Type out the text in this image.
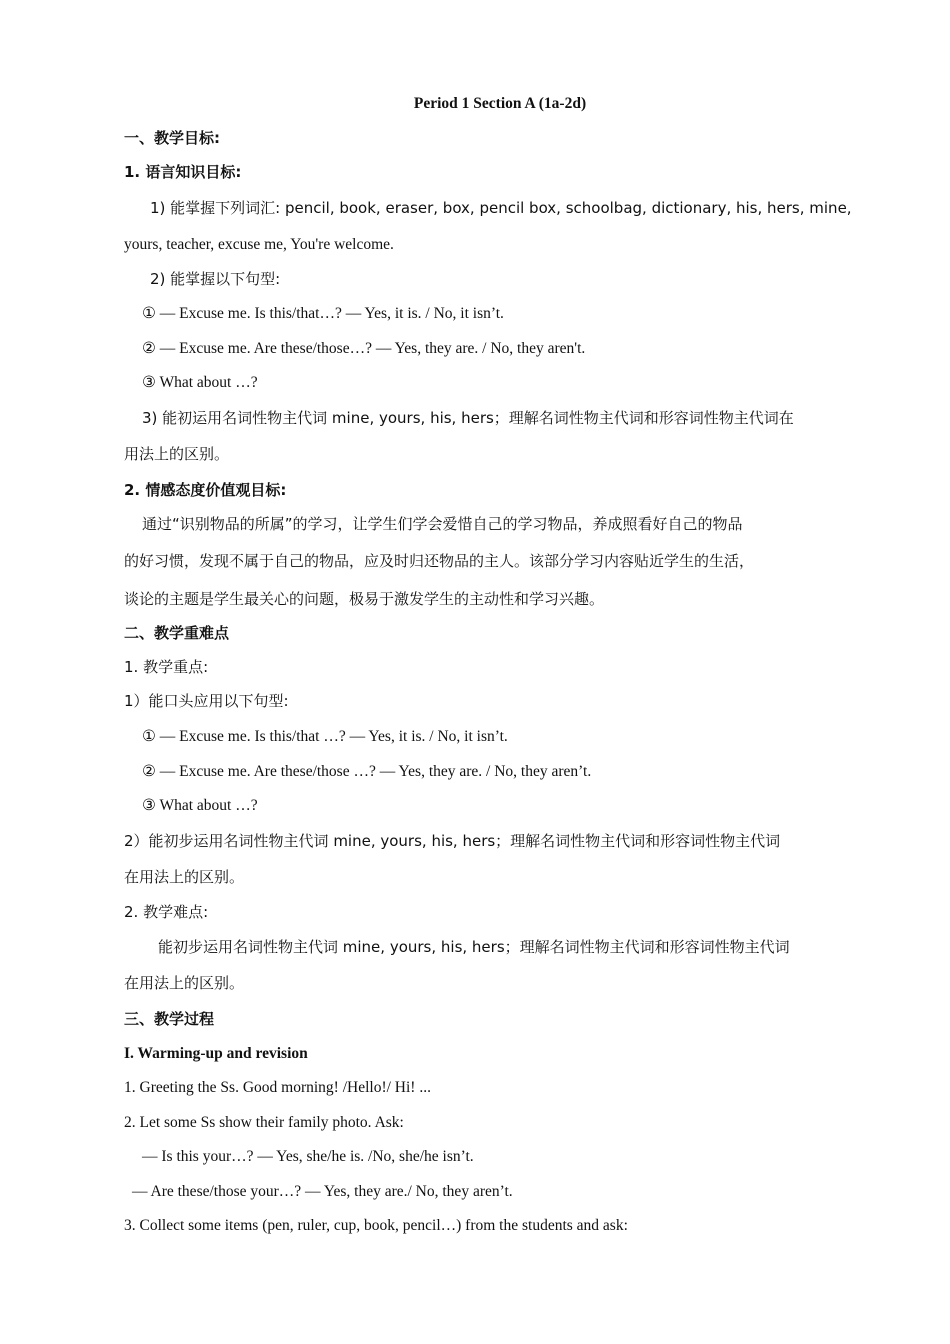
Period 1 Section A (1a-2d)
一、教学目标:
1. 语言知识目标:
1) 能掌握下列词汇: pencil, book, eraser, box, pencil box, schoolbag, dictionary, his, hers, mine,
yours, teacher, excuse me, You're welcome.
2) 能掌握以下句型:
① — Excuse me. Is this/that…? — Yes, it is. / No, it isn’t.
② — Excuse me. Are these/those…? — Yes, they are. / No, they aren't.
③ What about …?
3) 能初运用名词性物主代词 mine, yours, his, hers；理解名词性物主代词和形容词性物主代词在
用法上的区别。
2. 情感态度价值观目标:
通过“识别物品的所属”的学习，让学生们学会爱惜自己的学习物品，养成照看好自己的物品
的好习惯，发现不属于自己的物品，应及时归还物品的主人。该部分学习内容贴近学生的生活，
谈论的主题是学生最关心的问题，极易于激发学生的主动性和学习兴趣。
二、教学重难点
1. 教学重点:
1）能口头应用以下句型:
① — Excuse me. Is this/that …? — Yes, it is. / No, it isn’t.
② — Excuse me. Are these/those …? — Yes, they are. / No, they aren’t.
③ What about …?
2）能初步运用名词性物主代词 mine, yours, his, hers；理解名词性物主代词和形容词性物主代词
在用法上的区别。
2. 教学难点:
能初步运用名词性物主代词 mine, yours, his, hers；理解名词性物主代词和形容词性物主代词
在用法上的区别。
三、教学过程
I. Warming-up and revision
1. Greeting the Ss. Good morning! /Hello!/ Hi! ...
2. Let some Ss show their family photo. Ask:
— Is this your…? — Yes, she/he is. /No, she/he isn’t.
— Are these/those your…? — Yes, they are./ No, they aren’t.
3. Collect some items (pen, ruler, cup, book, pencil…) from the students and ask:
